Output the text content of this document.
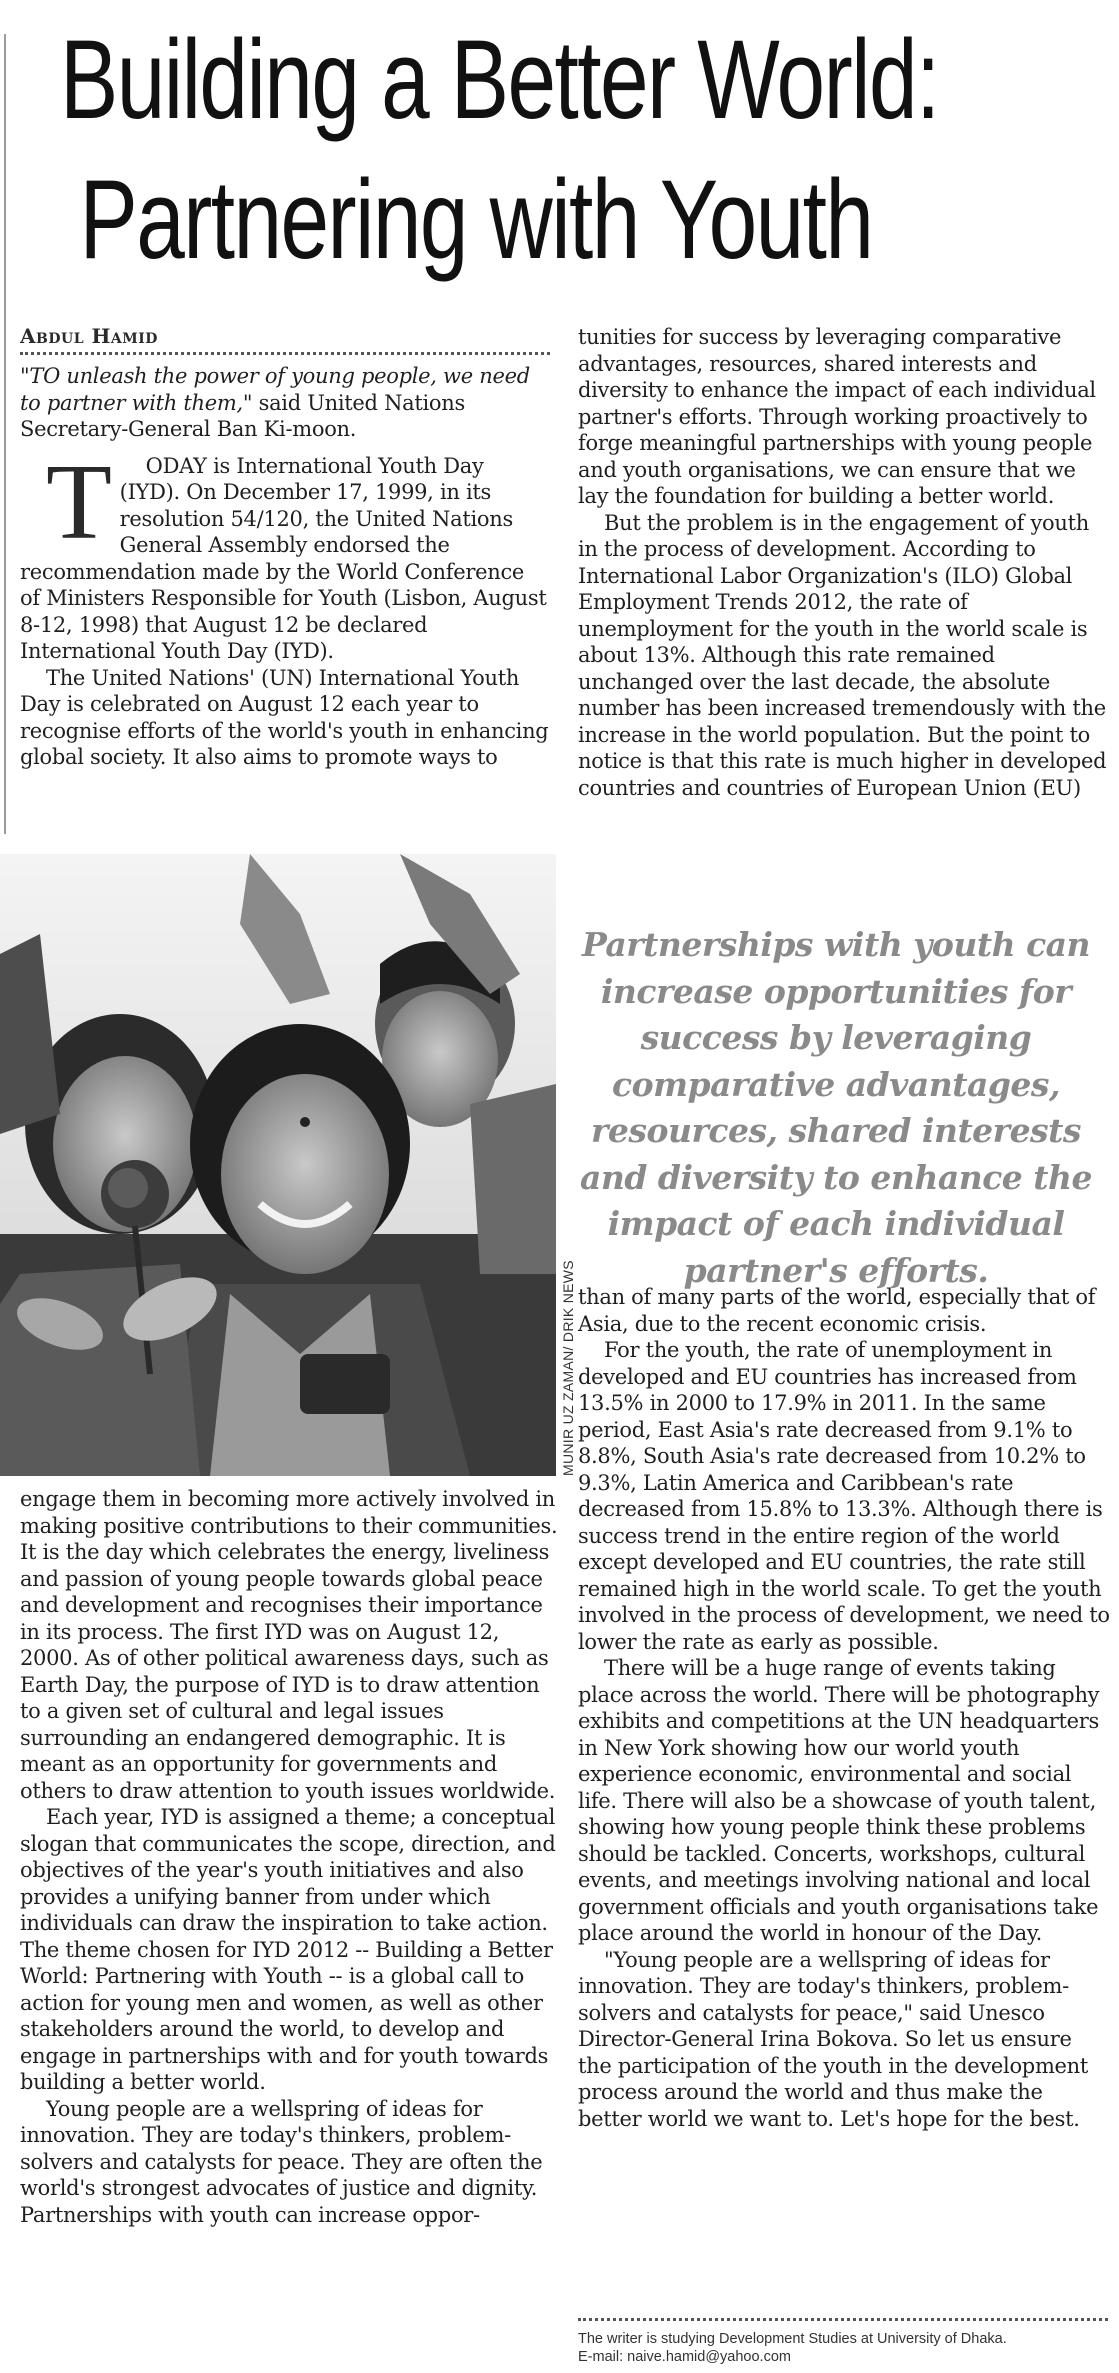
Building a Better World:
Partnering with Youth
Abdul Hamid

"TO unleash the power of young people, we need to partner with them," said United Nations Secretary-General Ban Ki-moon.

T ODAY is International Youth Day (IYD). On December 17, 1999, in its resolution 54/120, the United Nations General Assembly endorsed the recommendation made by the World Conference of Ministers Responsible for Youth (Lisbon, August 8-12, 1998) that August 12 be declared International Youth Day (IYD).

The United Nations' (UN) International Youth Day is celebrated on August 12 each year to recognise efforts of the world's youth in enhancing global society. It also aims to promote ways to

MUNIR UZ ZAMAN/ DRIK NEWS

engage them in becoming more actively involved in making positive contributions to their communities. It is the day which celebrates the energy, liveliness and passion of young people towards global peace and development and recognises their importance in its process. The first IYD was on August 12, 2000. As of other political awareness days, such as Earth Day, the purpose of IYD is to draw attention to a given set of cultural and legal issues surrounding an endangered demographic. It is meant as an opportunity for governments and others to draw attention to youth issues worldwide.

Each year, IYD is assigned a theme; a conceptual slogan that communicates the scope, direction, and objectives of the year's youth initiatives and also provides a unifying banner from under which individuals can draw the inspiration to take action. The theme chosen for IYD 2012 -- Building a Better World: Partnering with Youth -- is a global call to action for young men and women, as well as other stakeholders around the world, to develop and engage in partnerships with and for youth towards building a better world.

Young people are a wellspring of ideas for innovation. They are today's thinkers, problem-solvers and catalysts for peace. They are often the world's strongest advocates of justice and dignity. Partnerships with youth can increase oppor-

tunities for success by leveraging comparative advantages, resources, shared interests and diversity to enhance the impact of each individual partner's efforts. Through working proactively to forge meaningful partnerships with young people and youth organisations, we can ensure that we lay the foundation for building a better world.

But the problem is in the engagement of youth in the process of development. According to International Labor Organization's (ILO) Global Employment Trends 2012, the rate of unemployment for the youth in the world scale is about 13%. Although this rate remained unchanged over the last decade, the absolute number has been increased tremendously with the increase in the world population. But the point to notice is that this rate is much higher in developed countries and countries of European Union (EU)

Partnerships with youth can increase opportunities for success by leveraging comparative advantages, resources, shared interests and diversity to enhance the impact of each individual partner's efforts.

than of many parts of the world, especially that of Asia, due to the recent economic crisis.

For the youth, the rate of unemployment in developed and EU countries has increased from 13.5% in 2000 to 17.9% in 2011. In the same period, East Asia's rate decreased from 9.1% to 8.8%, South Asia's rate decreased from 10.2% to 9.3%, Latin America and Caribbean's rate decreased from 15.8% to 13.3%. Although there is success trend in the entire region of the world except developed and EU countries, the rate still remained high in the world scale. To get the youth involved in the process of development, we need to lower the rate as early as possible.

There will be a huge range of events taking place across the world. There will be photography exhibits and competitions at the UN headquarters in New York showing how our world youth experience economic, environmental and social life. There will also be a showcase of youth talent, showing how young people think these problems should be tackled. Concerts, workshops, cultural events, and meetings involving national and local government officials and youth organisations take place around the world in honour of the Day.

"Young people are a wellspring of ideas for innovation. They are today's thinkers, problem-solvers and catalysts for peace," said Unesco Director-General Irina Bokova. So let us ensure the participation of the youth in the development process around the world and thus make the better world we want to. Let's hope for the best.

The writer is studying Development Studies at University of Dhaka.
E-mail: naive.hamid@yahoo.com
